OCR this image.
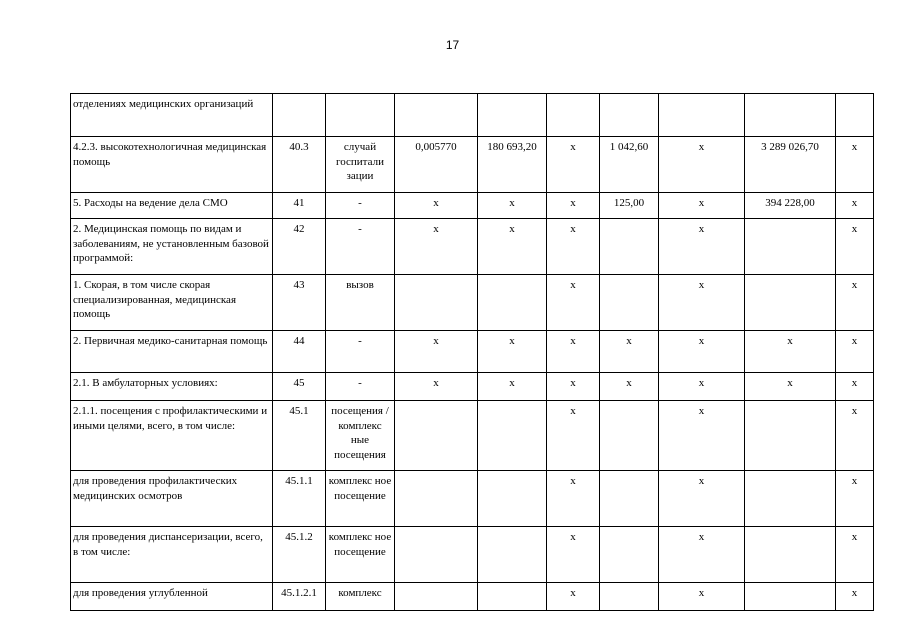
17
отделениях медицинских организаций									
4.2.3. высокотехнологичная медицинская помощь	40.3	случай госпитали зации	0,005770	180 693,20	x	1 042,60	x	3 289 026,70	x
5. Расходы на ведение дела СМО	41	-	x	x	x	125,00	x	394 228,00	x
2. Медицинская помощь по видам и заболеваниям, не установленным базовой программой:	42	-	x	x	x		x		x
1. Скорая, в том числе скорая специализированная, медицинская помощь	43	вызов			x		x		x
2. Первичная медико-санитарная помощь	44	-	x	x	x	x	x	x	x
2.1. В амбулаторных условиях:	45	-	x	x	x	x	x	x	x
2.1.1. посещения с профилактическими и иными целями, всего, в том числе:	45.1	посещения /комплекс ные посещения			x		x		x
для проведения профилактических медицинских осмотров	45.1.1	комплекс ное посещение			x		x		x
для проведения диспансеризации, всего, в том числе:	45.1.2	комплекс ное посещение			x		x		x
для проведения углубленной	45.1.2.1	комплекс			x		x		x
